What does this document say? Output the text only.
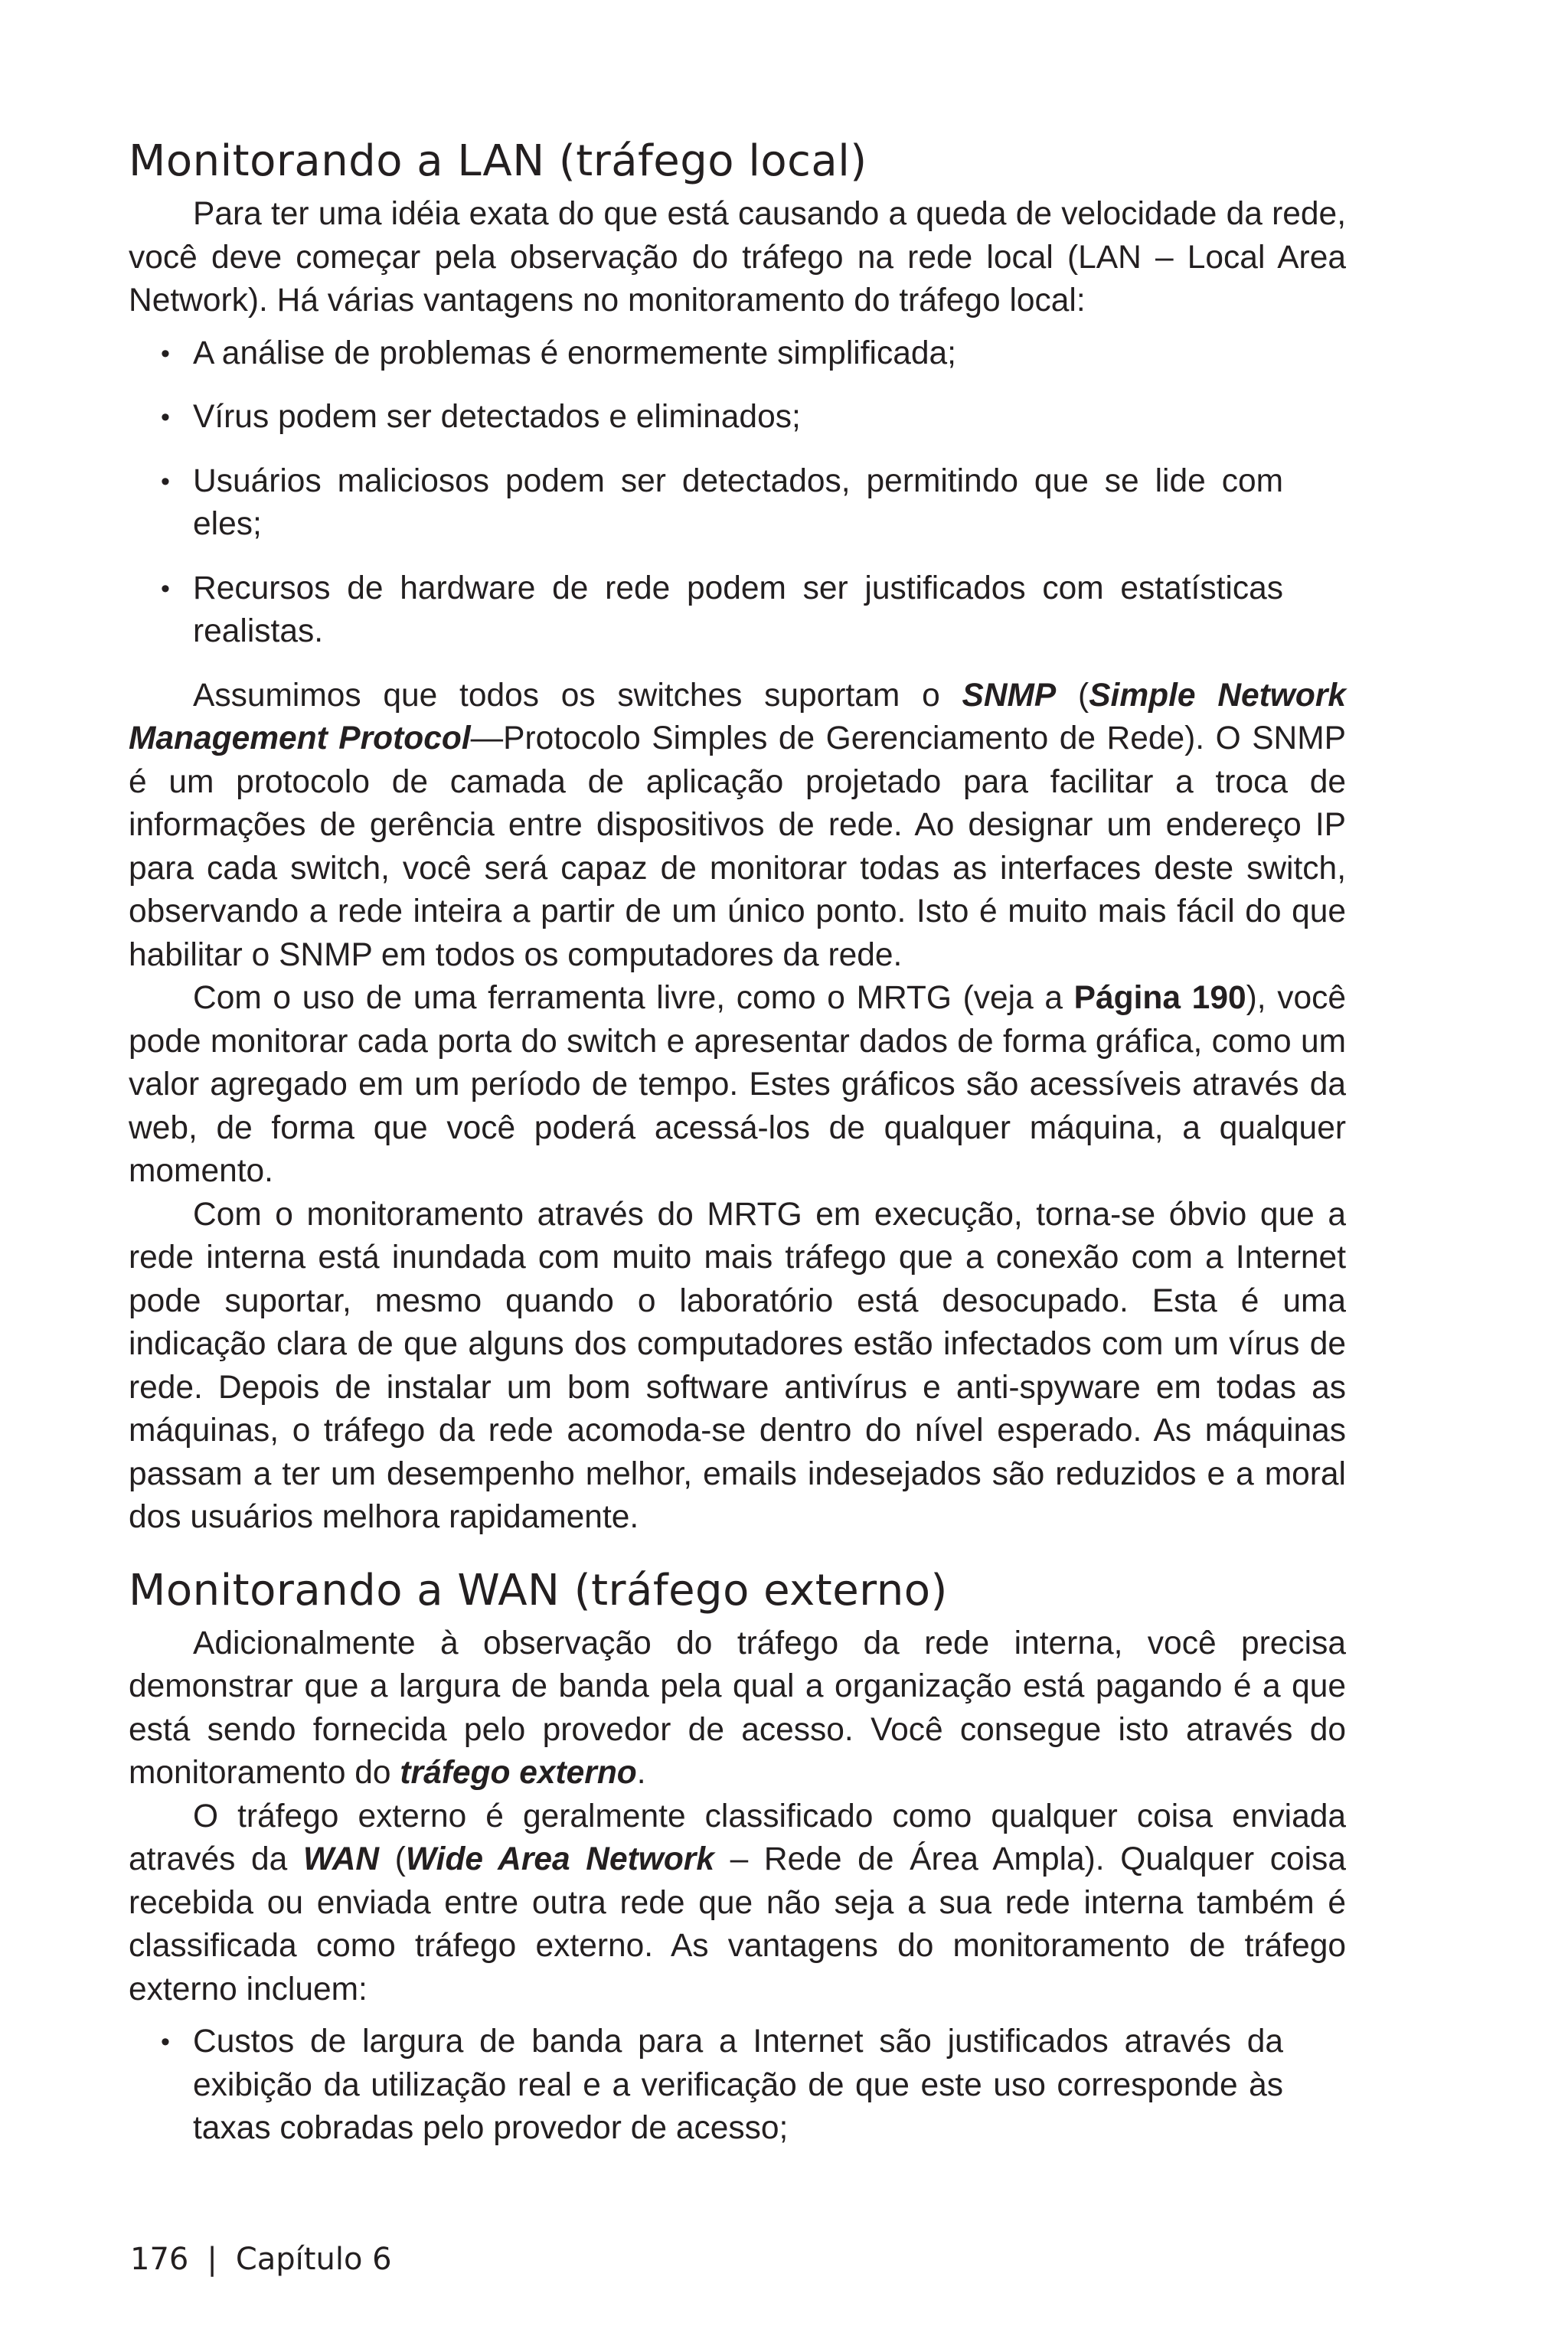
Monitorando a LAN (tráfego local)

Para ter uma idéia exata do que está causando a queda de velocidade da rede, você deve começar pela observação do tráfego na rede local (LAN – Local Area Network). Há várias vantagens no monitoramento do tráfego local:

• A análise de problemas é enormemente simplificada;
• Vírus podem ser detectados e eliminados;
• Usuários maliciosos podem ser detectados, permitindo que se lide com eles;
• Recursos de hardware de rede podem ser justificados com estatísticas realistas.

Assumimos que todos os switches suportam o SNMP (Simple Network Management Protocol—Protocolo Simples de Gerenciamento de Rede). O SNMP é um protocolo de camada de aplicação projetado para facilitar a troca de informações de gerência entre dispositivos de rede. Ao designar um endereço IP para cada switch, você será capaz de monitorar todas as interfaces deste switch, observando a rede inteira a partir de um único ponto. Isto é muito mais fácil do que habilitar o SNMP em todos os computadores da rede.

Com o uso de uma ferramenta livre, como o MRTG (veja a Página 190), você pode monitorar cada porta do switch e apresentar dados de forma gráfica, como um valor agregado em um período de tempo. Estes gráficos são acessíveis através da web, de forma que você poderá acessá-los de qualquer máquina, a qualquer momento.

Com o monitoramento através do MRTG em execução, torna-se óbvio que a rede interna está inundada com muito mais tráfego que a conexão com a Internet pode suportar, mesmo quando o laboratório está desocupado. Esta é uma indicação clara de que alguns dos computadores estão infectados com um vírus de rede. Depois de instalar um bom software antivírus e anti-spyware em todas as máquinas, o tráfego da rede acomoda-se dentro do nível esperado. As máquinas passam a ter um desempenho melhor, emails indesejados são reduzidos e a moral dos usuários melhora rapidamente.

Monitorando a WAN (tráfego externo)

Adicionalmente à observação do tráfego da rede interna, você precisa demonstrar que a largura de banda pela qual a organização está pagando é a que está sendo fornecida pelo provedor de acesso. Você consegue isto através do monitoramento do tráfego externo.

O tráfego externo é geralmente classificado como qualquer coisa enviada através da WAN (Wide Area Network – Rede de Área Ampla). Qualquer coisa recebida ou enviada entre outra rede que não seja a sua rede interna também é classificada como tráfego externo. As vantagens do monitoramento de tráfego externo incluem:

• Custos de largura de banda para a Internet são justificados através da exibição da utilização real e a verificação de que este uso corresponde às taxas cobradas pelo provedor de acesso;
176 | Capítulo 6
